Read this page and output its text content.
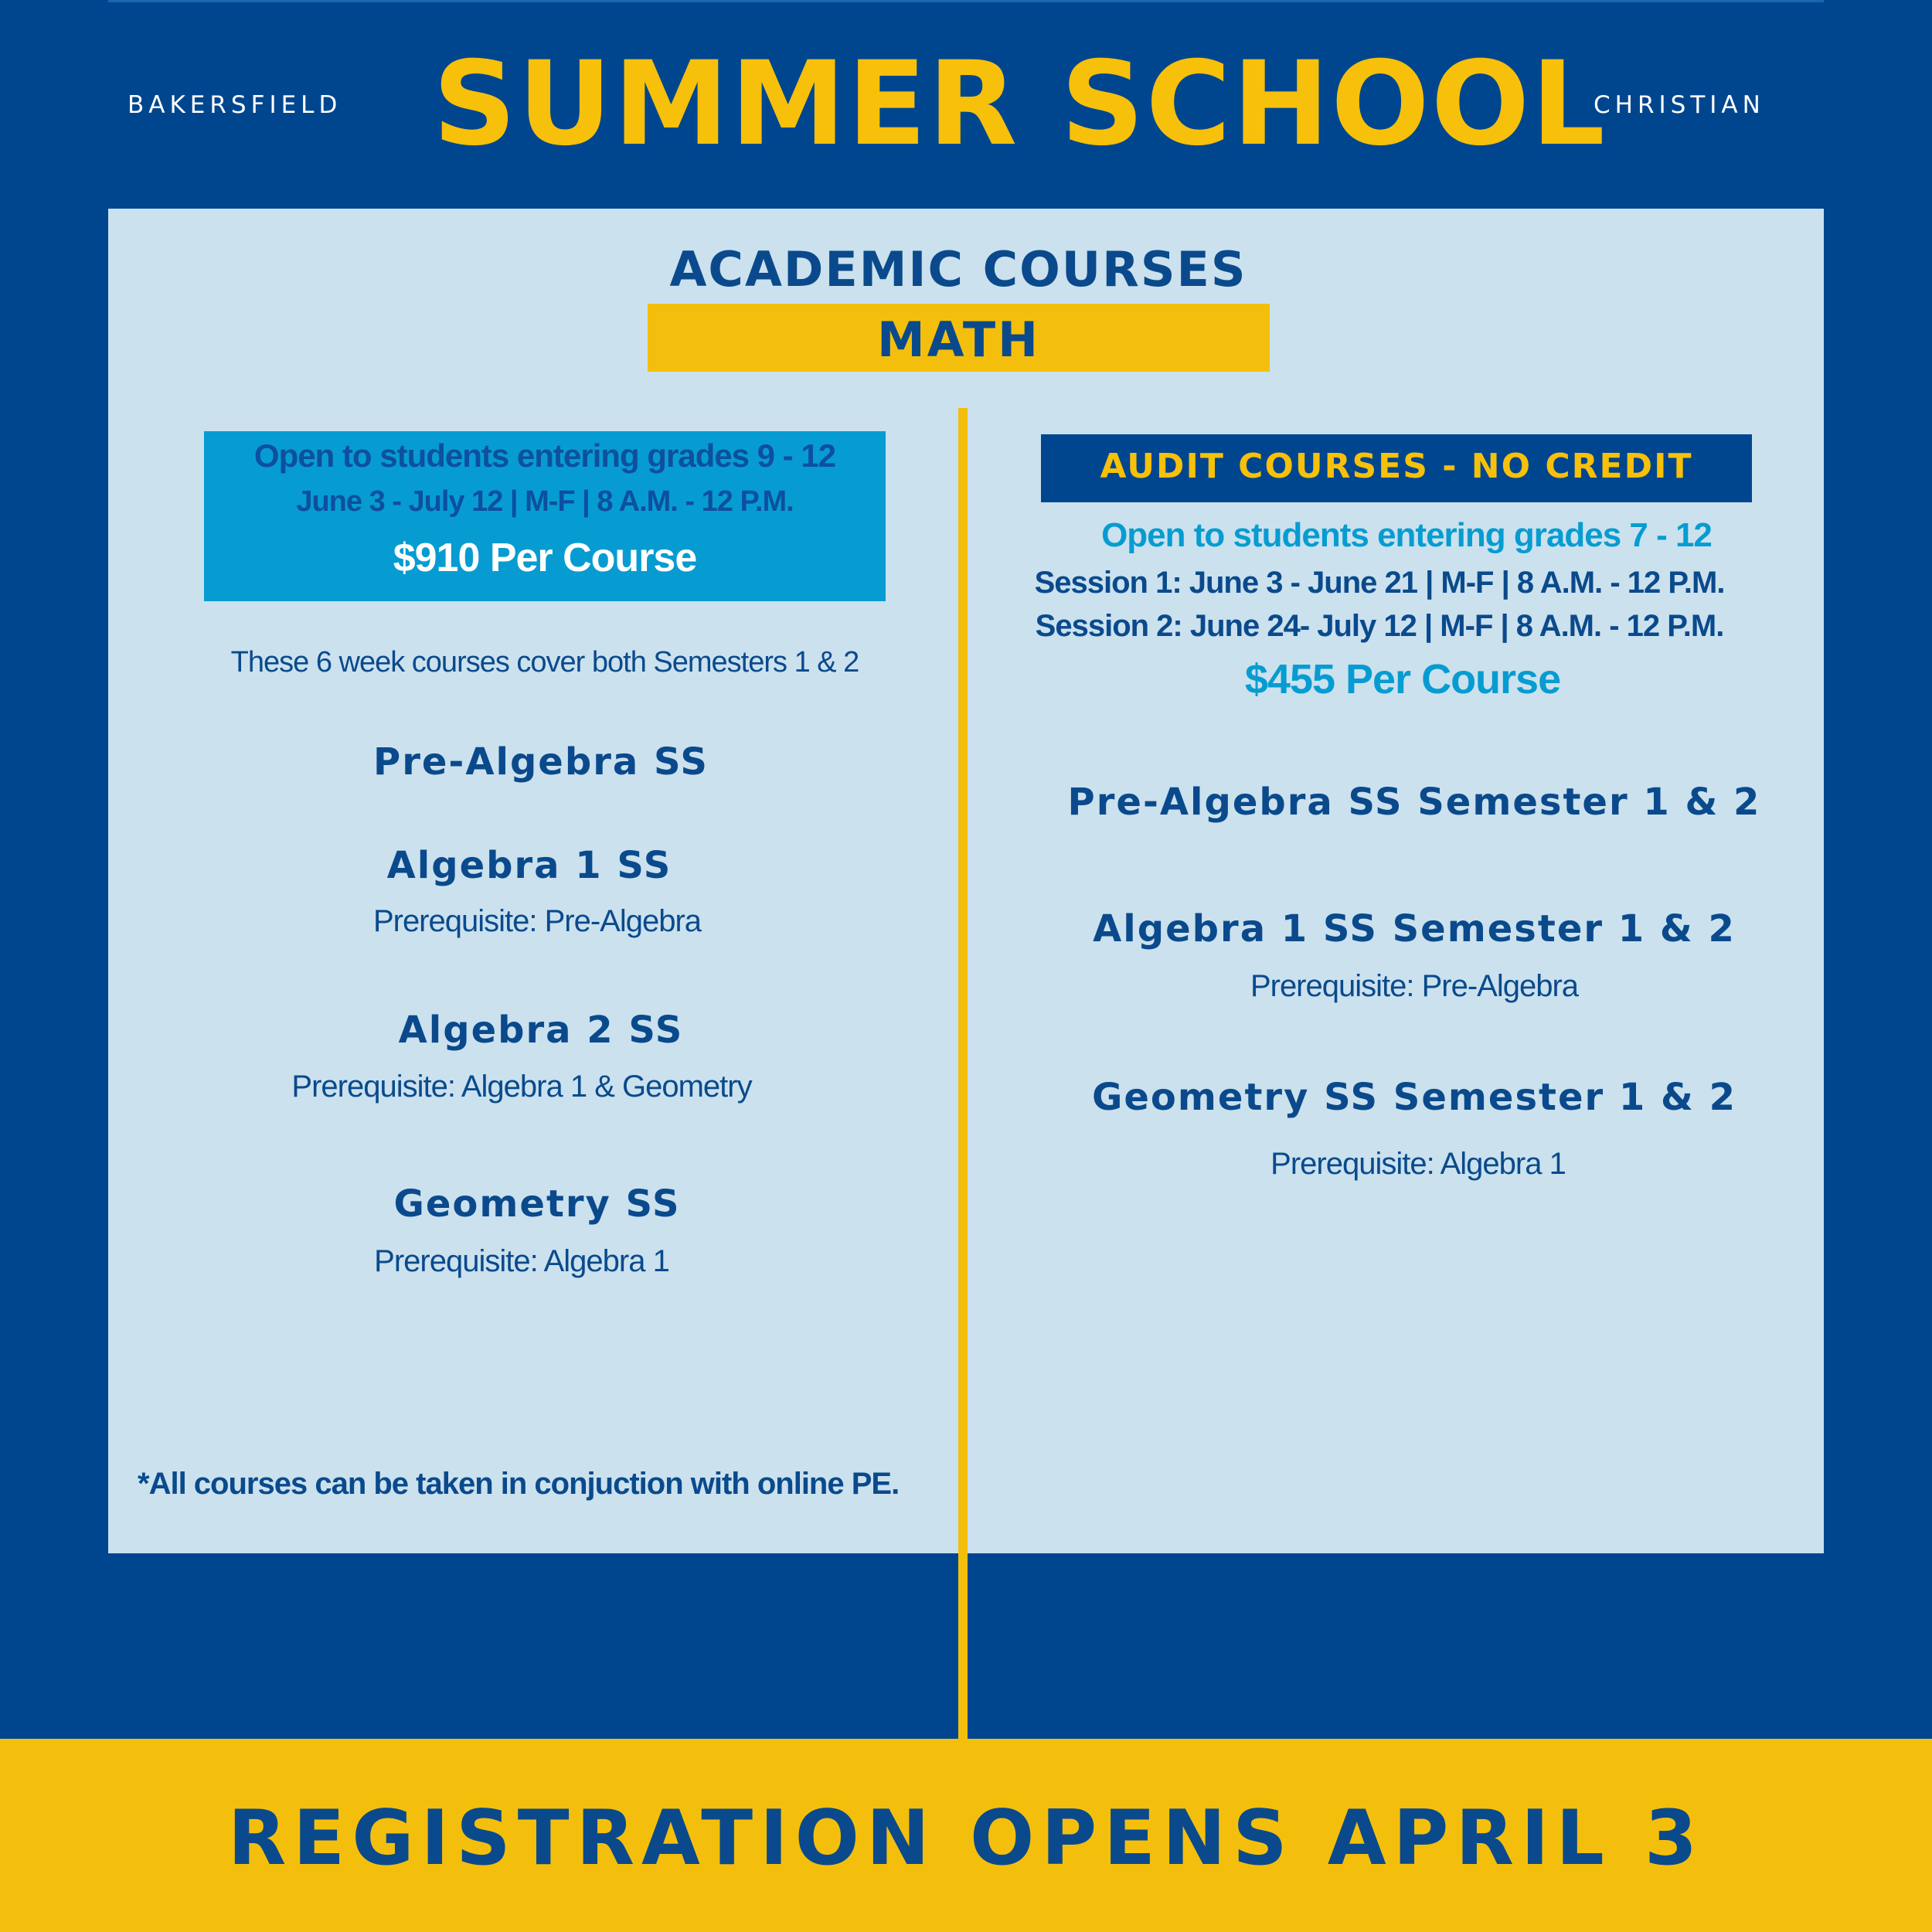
BAKERSFIELD SUMMER SCHOOL
CHRISTIAN
ACADEMIC COURSES
MATH
Open to students entering grades 9 - 12
June 3 - July 12 | M-F | 8 A.M. - 12 P.M.
$910 Per Course
These 6 week courses cover both Semesters 1 & 2
Pre-Algebra SS
Algebra 1 SS
Prerequisite: Pre-Algebra
Algebra 2 SS
Prerequisite: Algebra 1 & Geometry
Geometry SS
Prerequisite: Algebra 1
*All courses can be taken in conjuction with online PE.
AUDIT COURSES - NO CREDIT
Open to students entering grades 7 - 12
Session 1: June 3 - June 21 | M-F | 8 A.M. - 12 P.M.
Session 2: June 24- July 12 | M-F | 8 A.M. - 12 P.M.
$455 Per Course
Pre-Algebra SS Semester 1 & 2
Algebra 1 SS Semester 1 & 2
Prerequisite: Pre-Algebra
Geometry SS Semester 1 & 2
Prerequisite: Algebra 1
REGISTRATION OPENS APRIL 3
